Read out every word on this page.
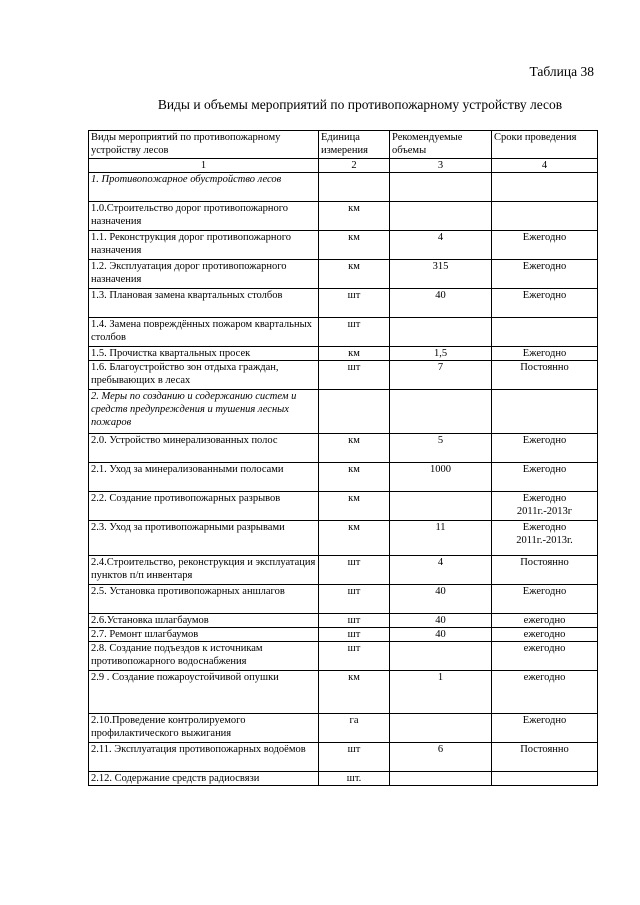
Таблица 38
Виды и объемы мероприятий по противопожарному устройству лесов
Виды мероприятий по противопожарному устройству лесов	Единица измерения	Рекомендуемые объемы	Сроки проведения
1	2	3	4
1. Противопожарное обустройство лесов			
1.0.Строительство дорог противопожарного назначения	км		
1.1. Реконструкция дорог противопожарного назначения	км	4	Ежегодно
1.2. Эксплуатация дорог противопожарного назначения	км	315	Ежегодно
1.3. Плановая замена квартальных столбов	шт	40	Ежегодно
1.4. Замена повреждённых пожаром квартальных столбов	шт		
1.5. Прочистка квартальных просек	км	1,5	Ежегодно
1.6. Благоустройство зон отдыха граждан, пребывающих в лесах	шт	7	Постоянно
2. Меры по созданию и содержанию систем и средств предупреждения и тушения лесных пожаров			
2.0. Устройство минерализованных полос	км	5	Ежегодно
2.1. Уход за минерализованными полосами	км	1000	Ежегодно
2.2. Создание противопожарных разрывов	км		Ежегодно 2011г.-2013г
2.3. Уход за противопожарными разрывами	км	11	Ежегодно 2011г.-2013г.
2.4.Строительство, реконструкция и эксплуатация пунктов п/п инвентаря	шт	4	Постоянно
2.5. Установка противопожарных аншлагов	шт	40	Ежегодно
2.6.Установка шлагбаумов	шт	40	ежегодно
2.7. Ремонт шлагбаумов	шт	40	ежегодно
2.8. Создание подъездов к источникам противопожарного водоснабжения	шт		ежегодно
2.9 . Создание пожароустойчивой опушки	км	1	ежегодно
2.10.Проведение контролируемого профилактического выжигания	га		Ежегодно
2.11. Эксплуатация противопожарных водоёмов	шт	6	Постоянно
2.12. Содержание средств радиосвязи	шт.		
